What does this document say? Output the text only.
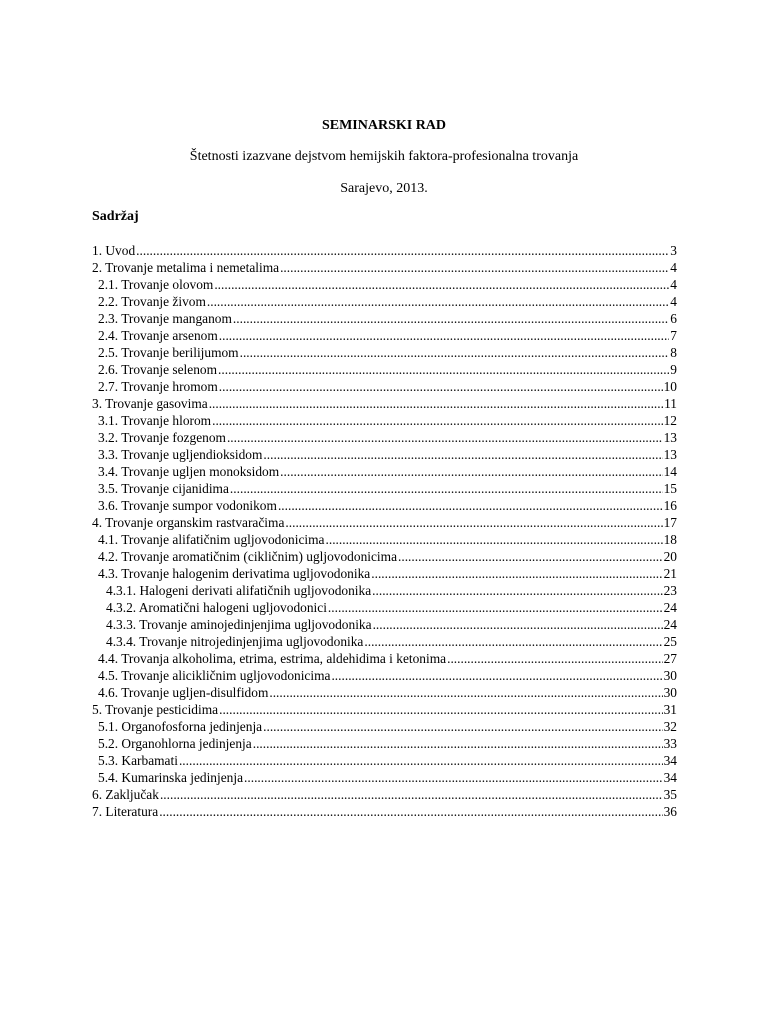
SEMINARSKI RAD
Štetnosti izazvane dejstvom hemijskih faktora-profesionalna trovanja
Sarajevo, 2013.
Sadržaj
1. Uvod .....	3
2. Trovanje metalima i nemetalima .....	4
2.1. Trovanje olovom .....	4
2.2. Trovanje živom .....	4
2.3. Trovanje manganom .....	6
2.4. Trovanje arsenom .....	7
2.5. Trovanje berilijumom .....	8
2.6. Trovanje selenom .....	9
2.7. Trovanje hromom .....	10
3. Trovanje gasovima .....	11
3.1. Trovanje hlorom .....	12
3.2. Trovanje fozgenom .....	13
3.3. Trovanje ugljendioksidom .....	13
3.4. Trovanje ugljen monoksidom .....	14
3.5. Trovanje cijanidima .....	15
3.6. Trovanje sumpor vodonikom .....	16
4. Trovanje organskim rastvaračima .....	17
4.1. Trovanje alifatičnim ugljovodonicima .....	18
4.2. Trovanje aromatičnim (cikličnim) ugljovodonicima .....	20
4.3. Trovanje halogenim derivatima ugljovodonika .....	21
4.3.1. Halogeni derivati alifatičnih ugljovodonika .....	23
4.3.2. Aromatični halogeni ugljovodonici .....	24
4.3.3. Trovanje aminojedinjenjima ugljovodonika .....	24
4.3.4. Trovanje nitrojedinjenjima ugljovodonika .....	25
4.4. Trovanja alkoholima, etrima, estrima, aldehidima i ketonima .....	27
4.5. Trovanje alicikličnim ugljovodonicima .....	30
4.6. Trovanje ugljen-disulfidom .....	30
5. Trovanje pesticidima .....	31
5.1. Organofosforna jedinjenja .....	32
5.2. Organohlorna jedinjenja .....	33
5.3. Karbamati .....	34
5.4. Kumarinska jedinjenja .....	34
6. Zaključak .....	35
7. Literatura .....	36
